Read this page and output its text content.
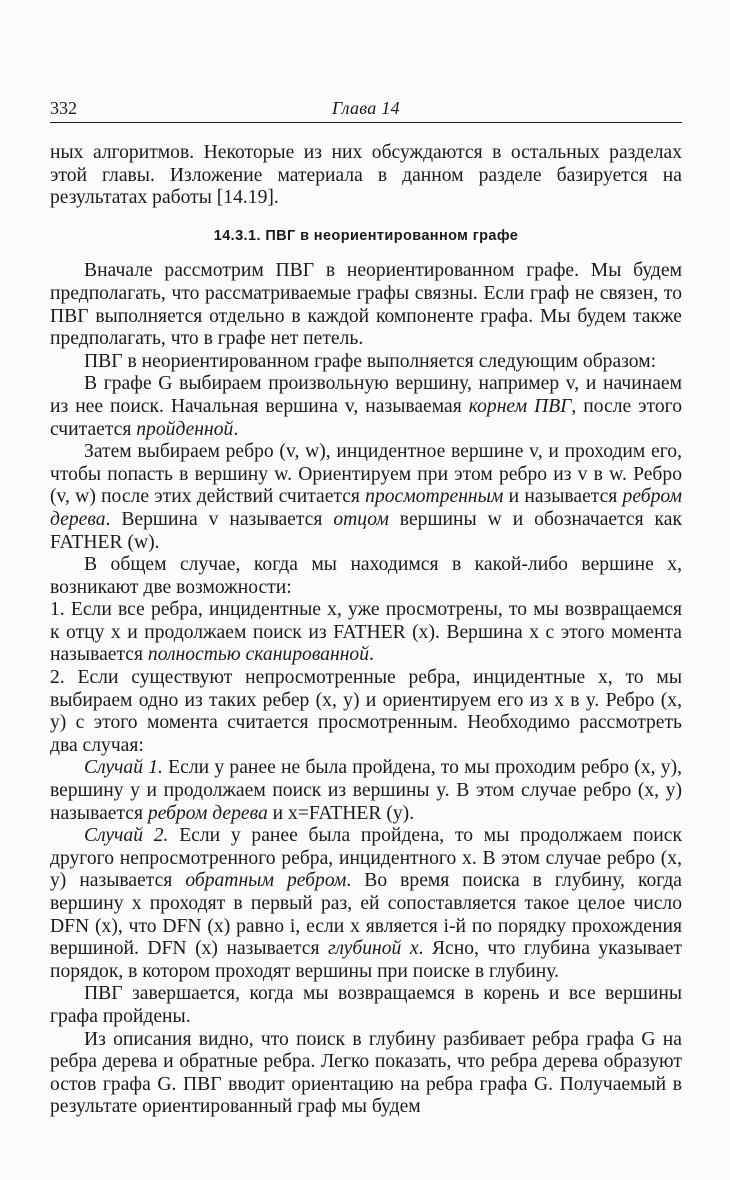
332	Глава 14

ных алгоритмов. Некоторые из них обсуждаются в остальных разделах этой главы. Изложение материала в данном разделе базируется на результатах работы [14.19].

14.3.1. ПВГ в неориентированном графе

Вначале рассмотрим ПВГ в неориентированном графе. Мы будем предполагать, что рассматриваемые графы связны. Если граф не связен, то ПВГ выполняется отдельно в каждой компоненте графа. Мы будем также предполагать, что в графе нет петель.

ПВГ в неориентированном графе выполняется следующим образом:

В графе G выбираем произвольную вершину, например v, и начинаем из нее поиск. Начальная вершина v, называемая корнем ПВГ, после этого считается пройденной.

Затем выбираем ребро (v, w), инцидентное вершине v, и проходим его, чтобы попасть в вершину w. Ориентируем при этом ребро из v в w. Ребро (v, w) после этих действий считается просмотренным и называется ребром дерева. Вершина v называется отцом вершины w и обозначается как FATHER (w).

В общем случае, когда мы находимся в какой-либо вершине x, возникают две возможности:

1. Если все ребра, инцидентные x, уже просмотрены, то мы возвращаемся к отцу x и продолжаем поиск из FATHER (x). Вершина x с этого момента называется полностью сканированной.

2. Если существуют непросмотренные ребра, инцидентные x, то мы выбираем одно из таких ребер (x, y) и ориентируем его из x в y. Ребро (x, y) с этого момента считается просмотренным. Необходимо рассмотреть два случая:

Случай 1. Если y ранее не была пройдена, то мы проходим ребро (x, y), вершину y и продолжаем поиск из вершины y. В этом случае ребро (x, y) называется ребром дерева и x=FATHER (y).

Случай 2. Если y ранее была пройдена, то мы продолжаем поиск другого непросмотренного ребра, инцидентного x. В этом случае ребро (x, y) называется обратным ребром. Во время поиска в глубину, когда вершину x проходят в первый раз, ей сопоставляется такое целое число DFN (x), что DFN (x) равно i, если x является i-й по порядку прохождения вершиной. DFN (x) называется глубиной x. Ясно, что глубина указывает порядок, в котором проходят вершины при поиске в глубину.

ПВГ завершается, когда мы возвращаемся в корень и все вершины графа пройдены.

Из описания видно, что поиск в глубину разбивает ребра графа G на ребра дерева и обратные ребра. Легко показать, что ребра дерева образуют остов графа G. ПВГ вводит ориентацию на ребра графа G. Получаемый в результате ориентированный граф мы будем
